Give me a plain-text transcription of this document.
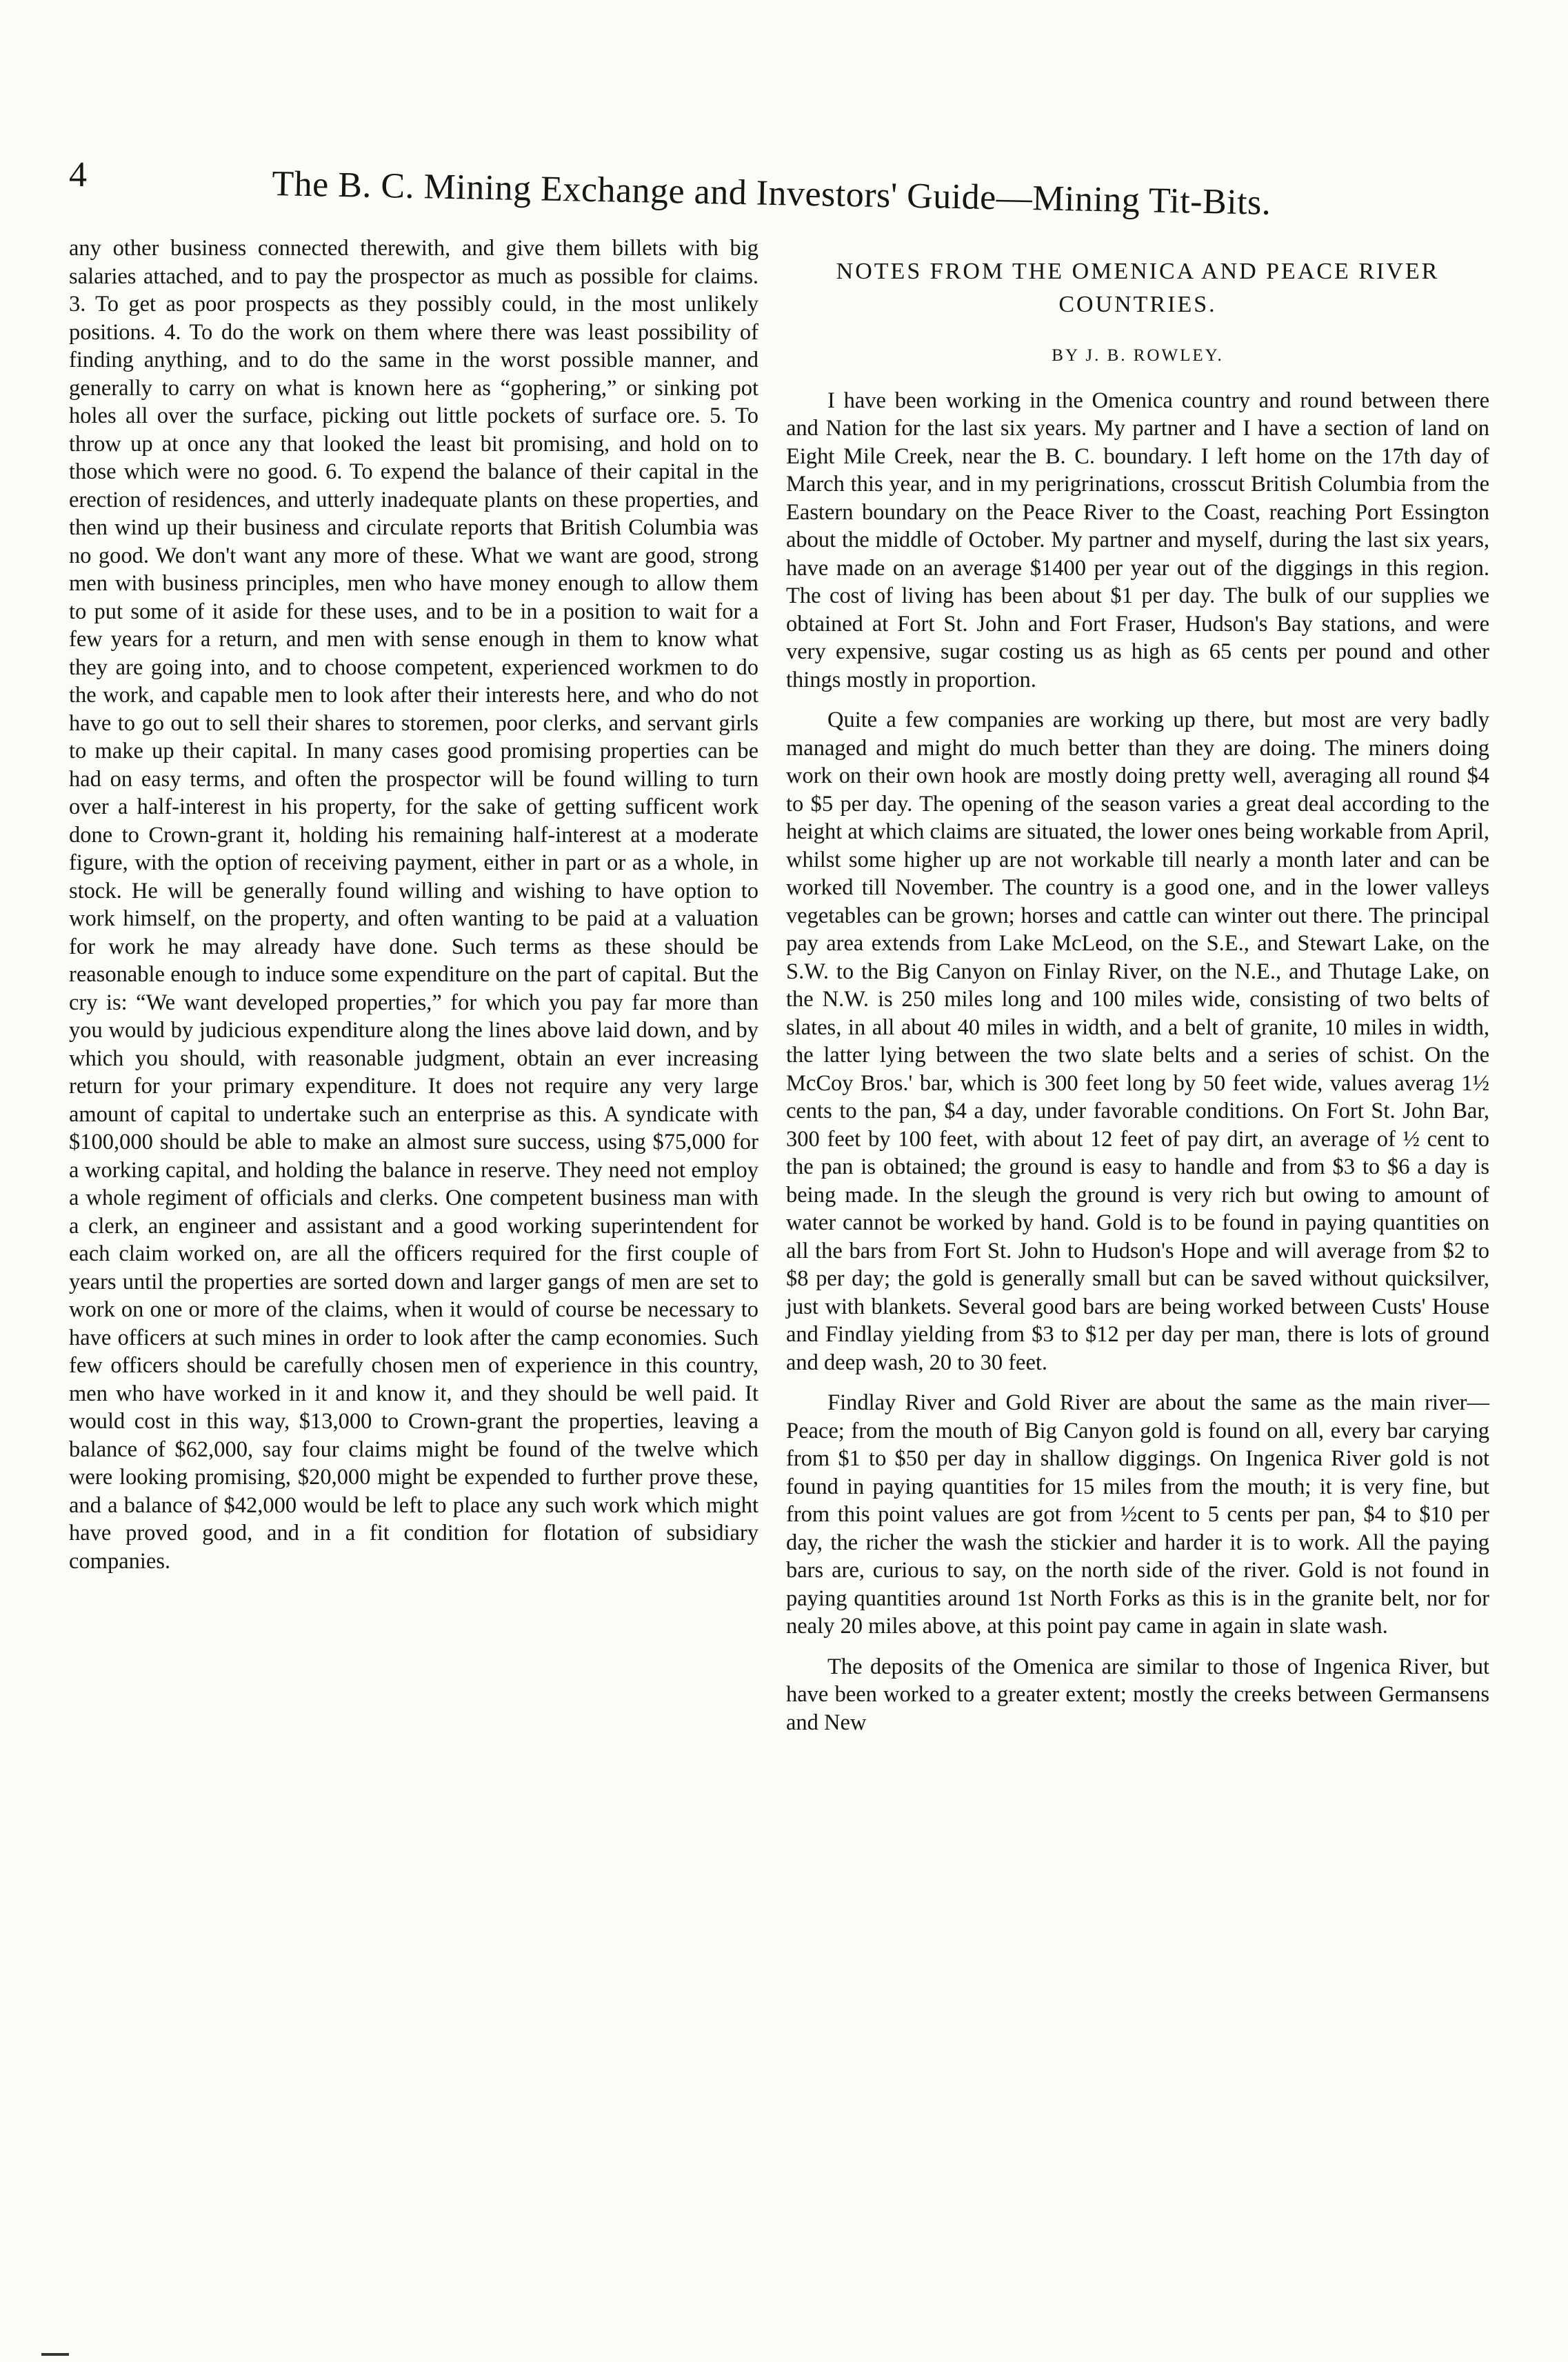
4	The B. C. Mining Exchange and Investors' Guide—Mining Tit-Bits.

any other business connected therewith, and give them billets with big salaries attached, and to pay the prospector as much as possible for claims. 3. To get as poor prospects as they possibly could, in the most unlikely positions. 4. To do the work on them where there was least possibility of finding anything, and to do the same in the worst possible manner, and generally to carry on what is known here as “gophering,” or sinking pot holes all over the surface, picking out little pockets of surface ore. 5. To throw up at once any that looked the least bit promising, and hold on to those which were no good. 6. To expend the balance of their capital in the erection of residences, and utterly inadequate plants on these properties, and then wind up their business and circulate reports that British Columbia was no good. We don't want any more of these. What we want are good, strong men with business principles, men who have money enough to allow them to put some of it aside for these uses, and to be in a position to wait for a few years for a return, and men with sense enough in them to know what they are going into, and to choose competent, experienced workmen to do the work, and capable men to look after their interests here, and who do not have to go out to sell their shares to storemen, poor clerks, and servant girls to make up their capital. In many cases good promising properties can be had on easy terms, and often the prospector will be found willing to turn over a half-interest in his property, for the sake of getting sufficent work done to Crown-grant it, holding his remaining half-interest at a moderate figure, with the option of receiving payment, either in part or as a whole, in stock. He will be generally found willing and wishing to have option to work himself, on the property, and often wanting to be paid at a valuation for work he may already have done. Such terms as these should be reasonable enough to induce some expenditure on the part of capital. But the cry is: “We want developed properties,” for which you pay far more than you would by judicious expenditure along the lines above laid down, and by which you should, with reasonable judgment, obtain an ever increasing return for your primary expenditure. It does not require any very large amount of capital to undertake such an enterprise as this. A syndicate with $100,000 should be able to make an almost sure success, using $75,000 for a working capital, and holding the balance in reserve. They need not employ a whole regiment of officials and clerks. One competent business man with a clerk, an engineer and assistant and a good working superintendent for each claim worked on, are all the officers required for the first couple of years until the properties are sorted down and larger gangs of men are set to work on one or more of the claims, when it would of course be necessary to have officers at such mines in order to look after the camp economies. Such few officers should be carefully chosen men of experience in this country, men who have worked in it and know it, and they should be well paid. It would cost in this way, $13,000 to Crown-grant the properties, leaving a balance of $62,000, say four claims might be found of the twelve which were looking promising, $20,000 might be expended to further prove these, and a balance of $42,000 would be left to place any such work which might have proved good, and in a fit condition for flotation of subsidiary companies.

NOTES FROM THE OMENICA AND PEACE RIVER COUNTRIES.
BY J. B. ROWLEY.

I have been working in the Omenica country and round between there and Nation for the last six years. My partner and I have a section of land on Eight Mile Creek, near the B. C. boundary. I left home on the 17th day of March this year, and in my perigrinations, crosscut British Columbia from the Eastern boundary on the Peace River to the Coast, reaching Port Essington about the middle of October. My partner and myself, during the last six years, have made on an average $1400 per year out of the diggings in this region. The cost of living has been about $1 per day. The bulk of our supplies we obtained at Fort St. John and Fort Fraser, Hudson's Bay stations, and were very expensive, sugar costing us as high as 65 cents per pound and other things mostly in proportion.

Quite a few companies are working up there, but most are very badly managed and might do much better than they are doing. The miners doing work on their own hook are mostly doing pretty well, averaging all round $4 to $5 per day. The opening of the season varies a great deal according to the height at which claims are situated, the lower ones being workable from April, whilst some higher up are not workable till nearly a month later and can be worked till November. The country is a good one, and in the lower valleys vegetables can be grown; horses and cattle can winter out there. The principal pay area extends from Lake McLeod, on the S.E., and Stewart Lake, on the S.W. to the Big Canyon on Finlay River, on the N.E., and Thutage Lake, on the N.W. is 250 miles long and 100 miles wide, consisting of two belts of slates, in all about 40 miles in width, and a belt of granite, 10 miles in width, the latter lying between the two slate belts and a series of schist. On the McCoy Bros.' bar, which is 300 feet long by 50 feet wide, values averag 1½ cents to the pan, $4 a day, under favorable conditions. On Fort St. John Bar, 300 feet by 100 feet, with about 12 feet of pay dirt, an average of ½ cent to the pan is obtained; the ground is easy to handle and from $3 to $6 a day is being made. In the sleugh the ground is very rich but owing to amount of water cannot be worked by hand. Gold is to be found in paying quantities on all the bars from Fort St. John to Hudson's Hope and will average from $2 to $8 per day; the gold is generally small but can be saved without quicksilver, just with blankets. Several good bars are being worked between Custs' House and Findlay yielding from $3 to $12 per day per man, there is lots of ground and deep wash, 20 to 30 feet.

Findlay River and Gold River are about the same as the main river—Peace; from the mouth of Big Canyon gold is found on all, every bar carying from $1 to $50 per day in shallow diggings. On Ingenica River gold is not found in paying quantities for 15 miles from the mouth; it is very fine, but from this point values are got from ½cent to 5 cents per pan, $4 to $10 per day, the richer the wash the stickier and harder it is to work. All the paying bars are, curious to say, on the north side of the river. Gold is not found in paying quantities around 1st North Forks as this is in the granite belt, nor for nealy 20 miles above, at this point pay came in again in slate wash.

The deposits of the Omenica are similar to those of Ingenica River, but have been worked to a greater extent; mostly the creeks between Germansens and New
